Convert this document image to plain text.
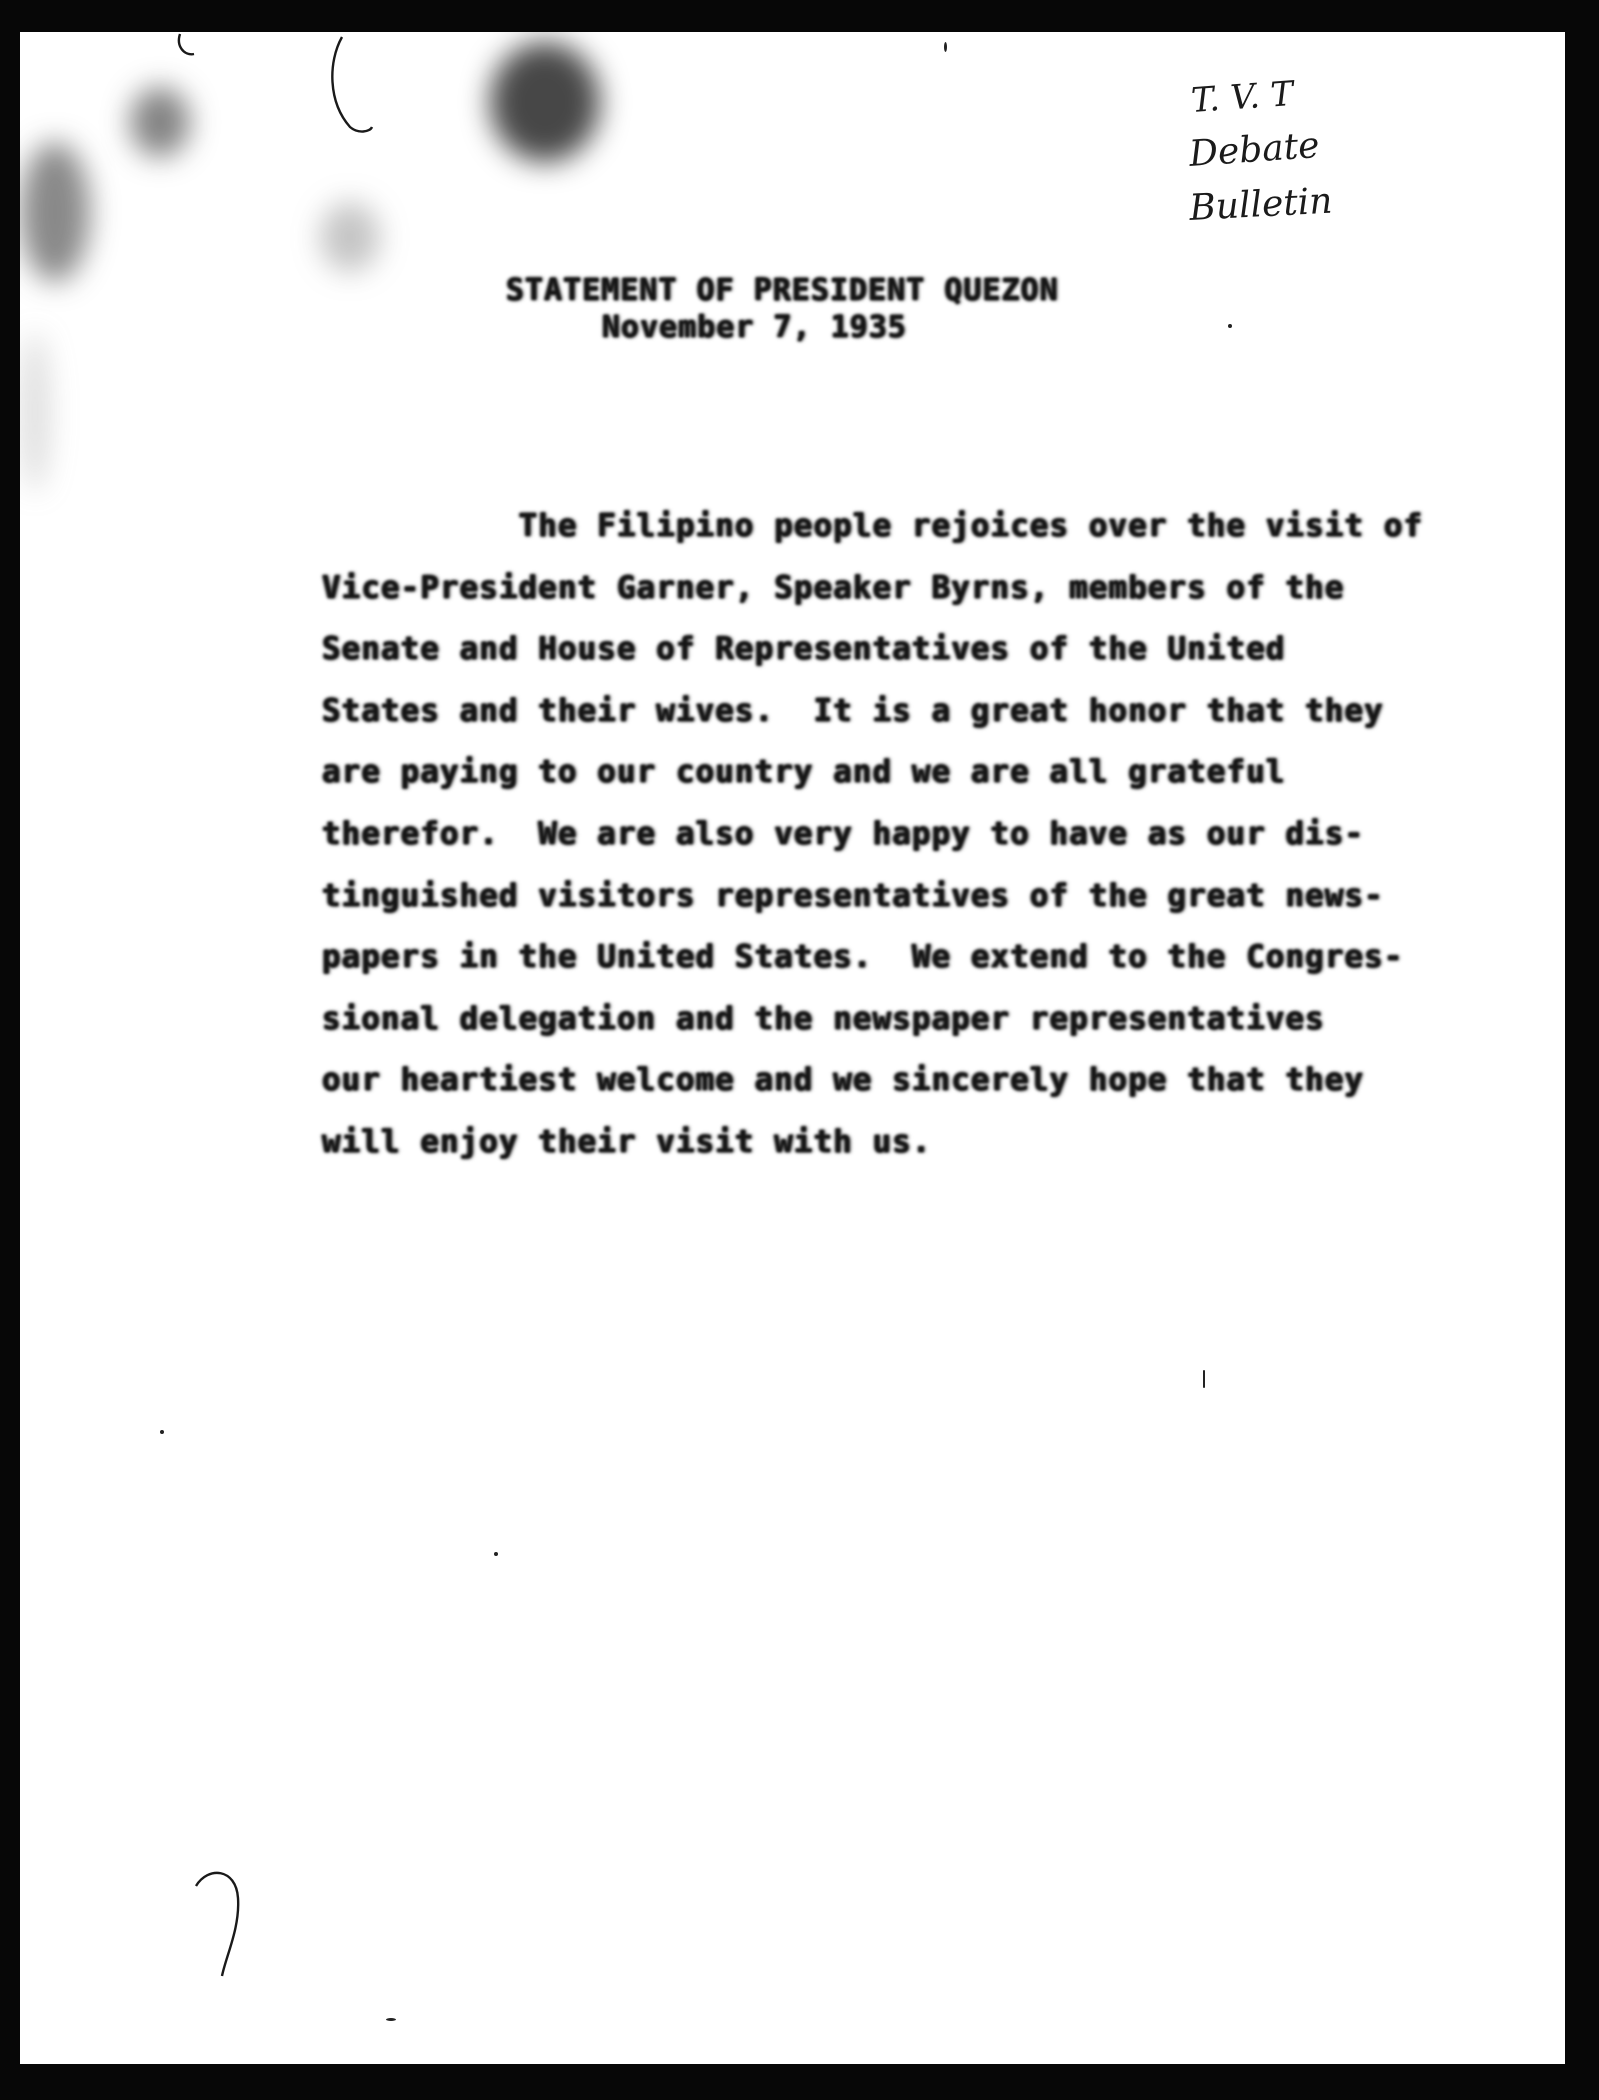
T. V. T
Debate
Bulletin
STATEMENT OF PRESIDENT QUEZON
November 7, 1935
The Filipino people rejoices over the visit of
Vice-President Garner, Speaker Byrns, members of the
Senate and House of Representatives of the United
States and their wives.  It is a great honor that they
are paying to our country and we are all grateful
therefor.  We are also very happy to have as our dis-
tinguished visitors representatives of the great news-
papers in the United States.  We extend to the Congres-
sional delegation and the newspaper representatives
our heartiest welcome and we sincerely hope that they
will enjoy their visit with us.
